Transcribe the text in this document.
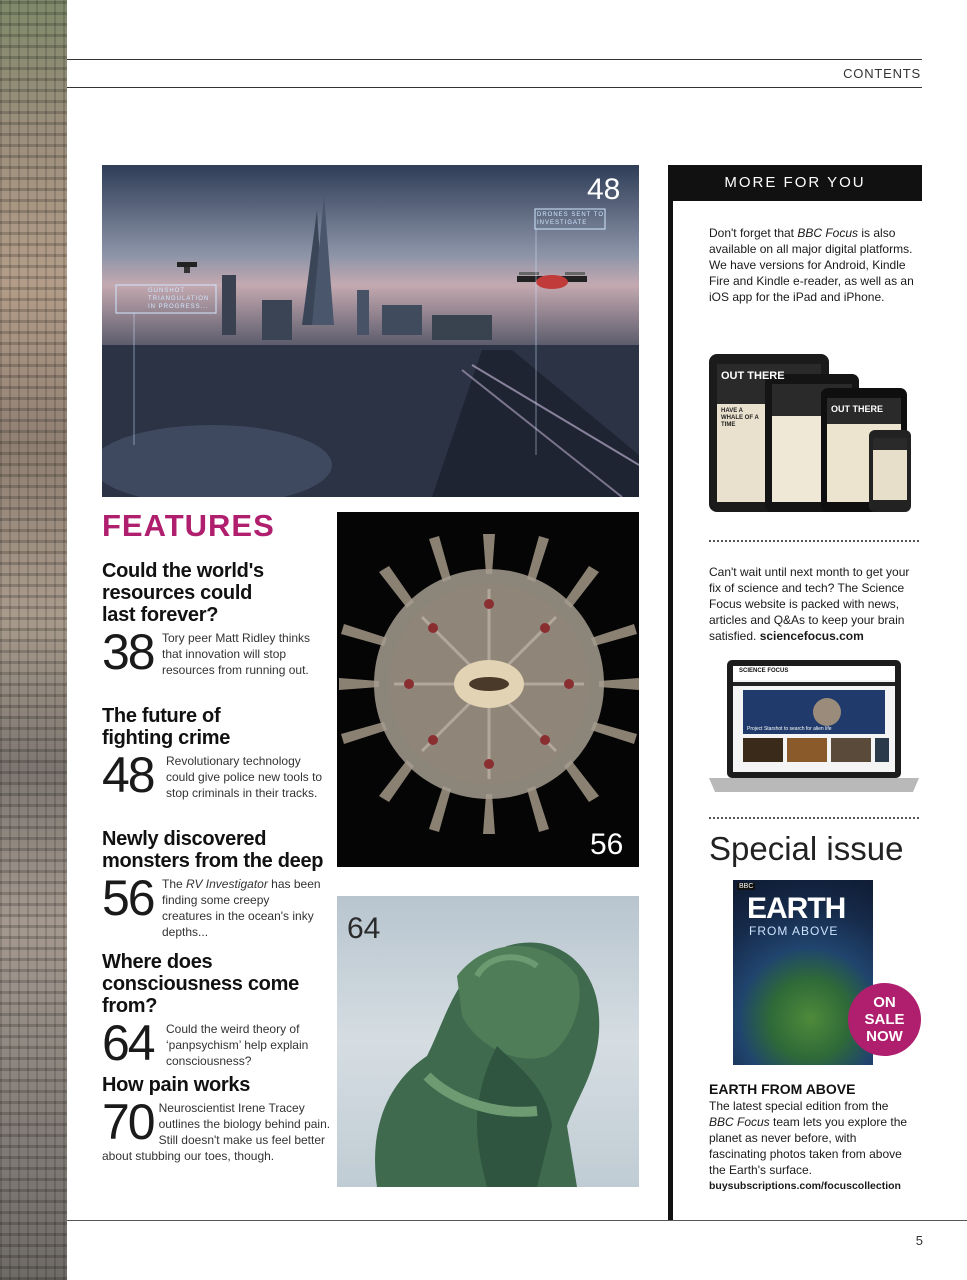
CONTENTS
DRONES SENT TO INVESTIGATE
GUNSHOT TRIANGULATION IN PROGRESS...
48
FEATURES

Could the world's resources could last forever?

38 Tory peer Matt Ridley thinks that innovation will stop resources from running out.

The future of fighting crime

48 Revolutionary technology could give police new tools to stop criminals in their tracks.

Newly discovered monsters from the deep

56 The RV Investigator has been finding some creepy creatures in the ocean's inky depths...

Where does consciousness come from?

64 Could the weird theory of ‘panpsychism’ help explain consciousness?

How pain works

70 Neuroscientist Irene Tracey outlines the biology behind pain. Still doesn't make us feel better about stubbing our toes, though.
56
64
MORE FOR YOU
Don't forget that BBC Focus is also available on all major digital platforms. We have versions for Android, Kindle Fire and Kindle e-reader, as well as an iOS app for the iPad and iPhone.
OUT THERE
OUT THERE
HAVE A WHALE OF A TIME
Can't wait until next month to get your fix of science and tech? The Science Focus website is packed with news, articles and Q&As to keep your brain satisfied. sciencefocus.com
SCIENCE FOCUS
Project Starshot to search for alien life
Special issue
BBC
EARTH
FROM ABOVE
ON
SALE
NOW
EARTH FROM ABOVE
The latest special edition from the BBC Focus team lets you explore the planet as never before, with fascinating photos taken from above the Earth's surface.
buysubscriptions.com/focuscollection
5
